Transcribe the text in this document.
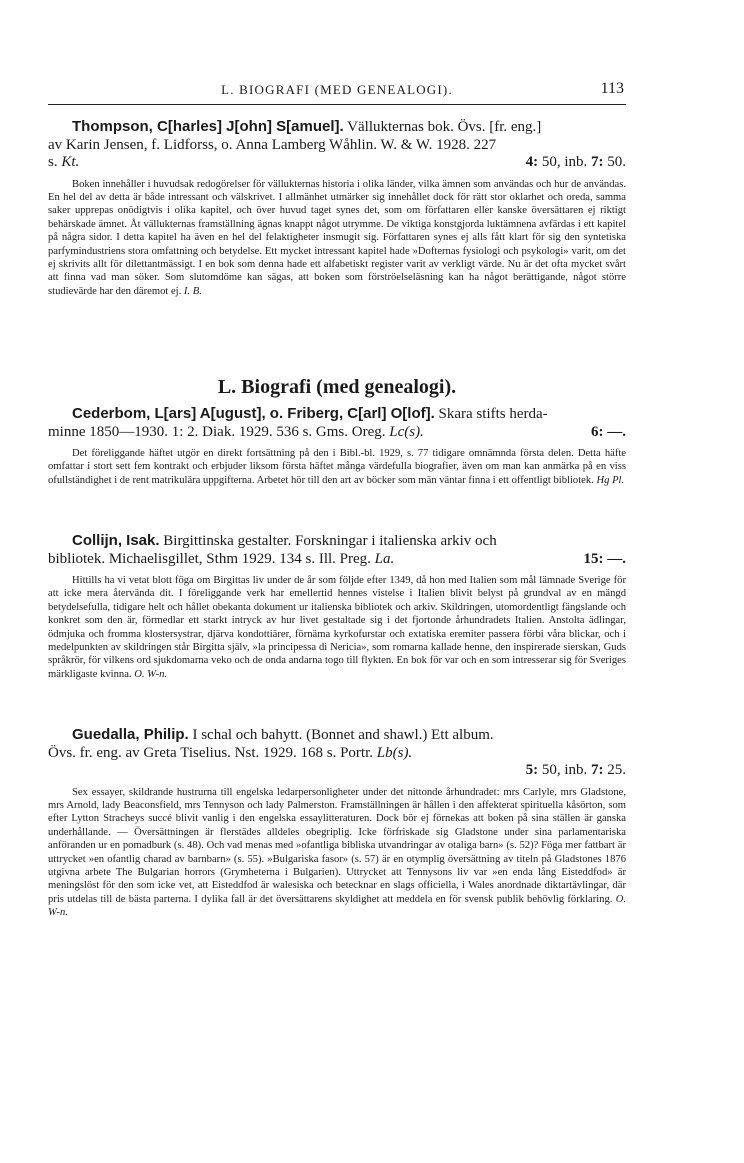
L. BIOGRAFI (MED GENEALOGI).	113

Thompson, C[harles] J[ohn] S[amuel]. Vällukternas bok. Övs. [fr. eng.]

av Karin Jensen, f. Lidforss, o. Anna Lamberg Wåhlin. W. & W. 1928. 227

s. Kt.	4: 50, inb. 7: 50.

Boken innehåller i huvudsak redogörelser för vällukternas historia i olika länder, vilka ämnen som användas och hur de användas. En hel del av detta är både intressant och välskrivet. I allmänhet utmärker sig innehållet dock för rätt stor oklarhet och oreda, samma saker upprepas onödigtvis i olika kapitel, och över huvud taget synes det, som om författaren eller kanske översättaren ej riktigt behärskade ämnet. Åt vällukternas framställning ägnas knappt något utrymme. De viktiga konstgjorda luktämnena avfärdas i ett kapitel på några sidor. I detta kapitel ha även en hel del felaktigheter insmugit sig. Författaren synes ej alls fått klart för sig den syntetiska parfymindustriens stora omfattning och betydelse. Ett mycket intressant kapitel hade »Dofternas fysiologi och psykologi» varit, om det ej skrivits allt för dilettantmässigt. I en bok som denna hade ett alfabetiskt register varit av verkligt värde. Nu är det ofta mycket svårt att finna vad man söker. Som slutomdöme kan sägas, att boken som förströelseläsning kan ha något berättigande, något större studievärde har den däremot ej. I. B.

L. Biografi (med genealogi).

Cederbom, L[ars] A[ugust], o. Friberg, C[arl] O[lof]. Skara stifts herda-

minne 1850—1930. 1: 2. Diak. 1929. 536 s. Gms. Oreg. Lc(s).	6: —.

Det föreliggande häftet utgör en direkt fortsättning på den i Bibl.-bl. 1929, s. 77 tidigare omnämnda första delen. Detta häfte omfattar i stort sett fem kontrakt och erbjuder liksom första häftet många värdefulla biografier, även om man kan anmärka på en viss ofullständighet i de rent matrikulära uppgifterna. Arbetet hör till den art av böcker som män väntar finna i ett offentligt bibliotek. Hg Pl.

Collijn, Isak. Birgittinska gestalter. Forskningar i italienska arkiv och

bibliotek. Michaelisgillet, Sthm 1929. 134 s. Ill. Preg. La.	15: —.

Hittills ha vi vetat blott föga om Birgittas liv under de år som följde efter 1349, då hon med Italien som mål lämnade Sverige för att icke mera återvända dit. I föreliggande verk har emellertid hennes vistelse i Italien blivit belyst på grundval av en mängd betydelsefulla, tidigare helt och hållet obekanta dokument ur italienska bibliotek och arkiv. Skildringen, utomordentligt fängslande och konkret som den är, förmedlar ett starkt intryck av hur livet gestaltade sig i det fjortonde århundradets Italien. Anstolta ädlingar, ödmjuka och fromma klostersystrar, djärva kondottiärer, förnäma kyrkofurstar och extatiska eremiter passera förbi våra blickar, och i medelpunkten av skildringen står Birgitta själv, »la principessa di Nericia», som romarna kallade henne, den inspirerade sierskan, Guds språkrör, för vilkens ord sjukdomarna veko och de onda andarna togo till flykten. En bok för var och en som intresserar sig för Sveriges märkligaste kvinna. O. W-n.

Guedalla, Philip. I schal och bahytt. (Bonnet and shawl.) Ett album.

Övs. fr. eng. av Greta Tiselius. Nst. 1929. 168 s. Portr. Lb(s).

5: 50, inb. 7: 25.

Sex essayer, skildrande hustrurna till engelska ledarpersonligheter under det nittonde århundradet: mrs Carlyle, mrs Gladstone, mrs Arnold, lady Beaconsfield, mrs Tennyson och lady Palmerston. Framställningen är hållen i den affekterat spirituella kåsörton, som efter Lytton Stracheys succé blivit vanlig i den engelska essaylitteraturen. Dock bör ej förnekas att boken på sina ställen är ganska underhållande. — Översättningen är flerstädes alldeles obegriplig. Icke förfriskade sig Gladstone under sina parlamentariska anföranden ur en pomadburk (s. 48). Och vad menas med »ofantliga bibliska utvandringar av otaliga barn» (s. 52)? Föga mer fattbart är uttrycket »en ofantlig charad av barnbarn» (s. 55). »Bulgariska fasor» (s. 57) är en otymplig översättning av titeln på Gladstones 1876 utgivna arbete The Bulgarian horrors (Grymheterna i Bulgarien). Uttrycket att Tennysons liv var »en enda lång Eisteddfod» är meningslöst för den som icke vet, att Eisteddfod är walesiska och betecknar en slags officiella, i Wales anordnade diktartävlingar, där pris utdelas till de bästa parterna. I dylika fall är det översättarens skyldighet att meddela en för svensk publik behövlig förklaring. O. W-n.
